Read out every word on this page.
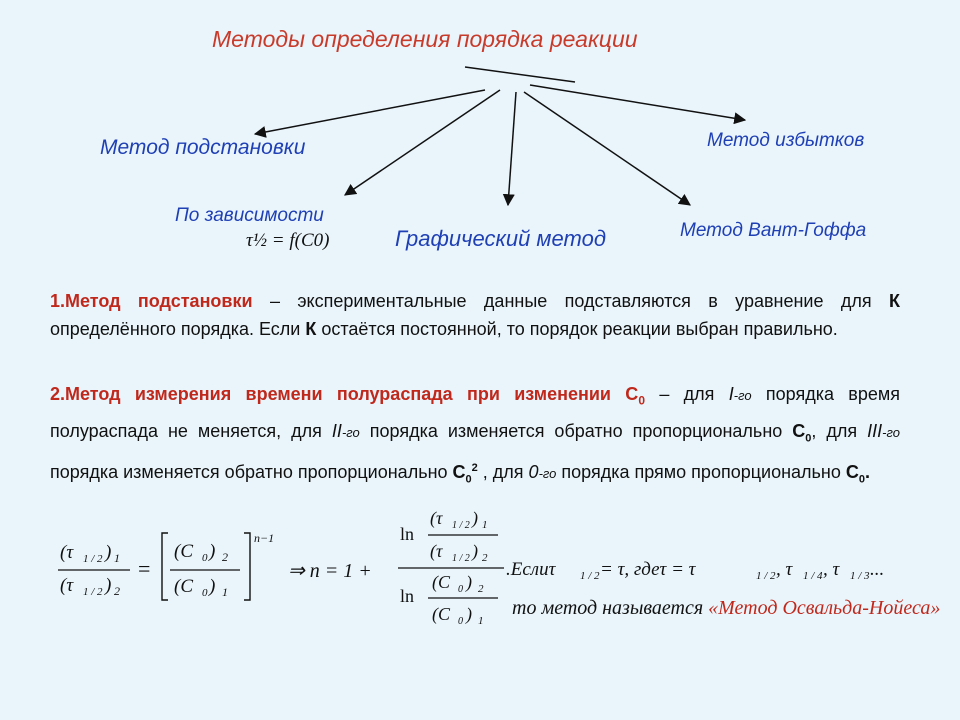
Методы определения порядка реакции
Метод подстановки	Метод избытков
По зависимости
Графический метод	Метод Вант-Гоффа
τ½ = f(C0)
1.Метод подстановки – экспериментальные данные подставляются в уравнение для К определённого порядка. Если К остаётся постоянной, то порядок реакции выбран правильно.
2.Метод измерения времени полураспада при изменении $С_0$ – для I-го порядка время полураспада не меняется, для II-го порядка изменяется обратно пропорционально $С_0$, для III-го порядка изменяется обратно пропорционально $С_0^2$ , для 0-го порядка прямо пропорционально $С_0$.
(τ 1 / 2 ) 1
(τ 1 / 2 ) 2
=
(C 0 ) 2
(C 0 ) 1
n−1
⇒ n = 1 +
ln
(τ 1 / 2 ) 1
(τ 1 / 2 ) 2
ln
(C 0 ) 2
(C 0 ) 1
.Еслиτ 1 / 2 = τ, гдеτ = τ	1 / 2 , τ 1 / 4 , τ 1 / 3 ...
то метод называется «Метод Освальда-Нойеса»
